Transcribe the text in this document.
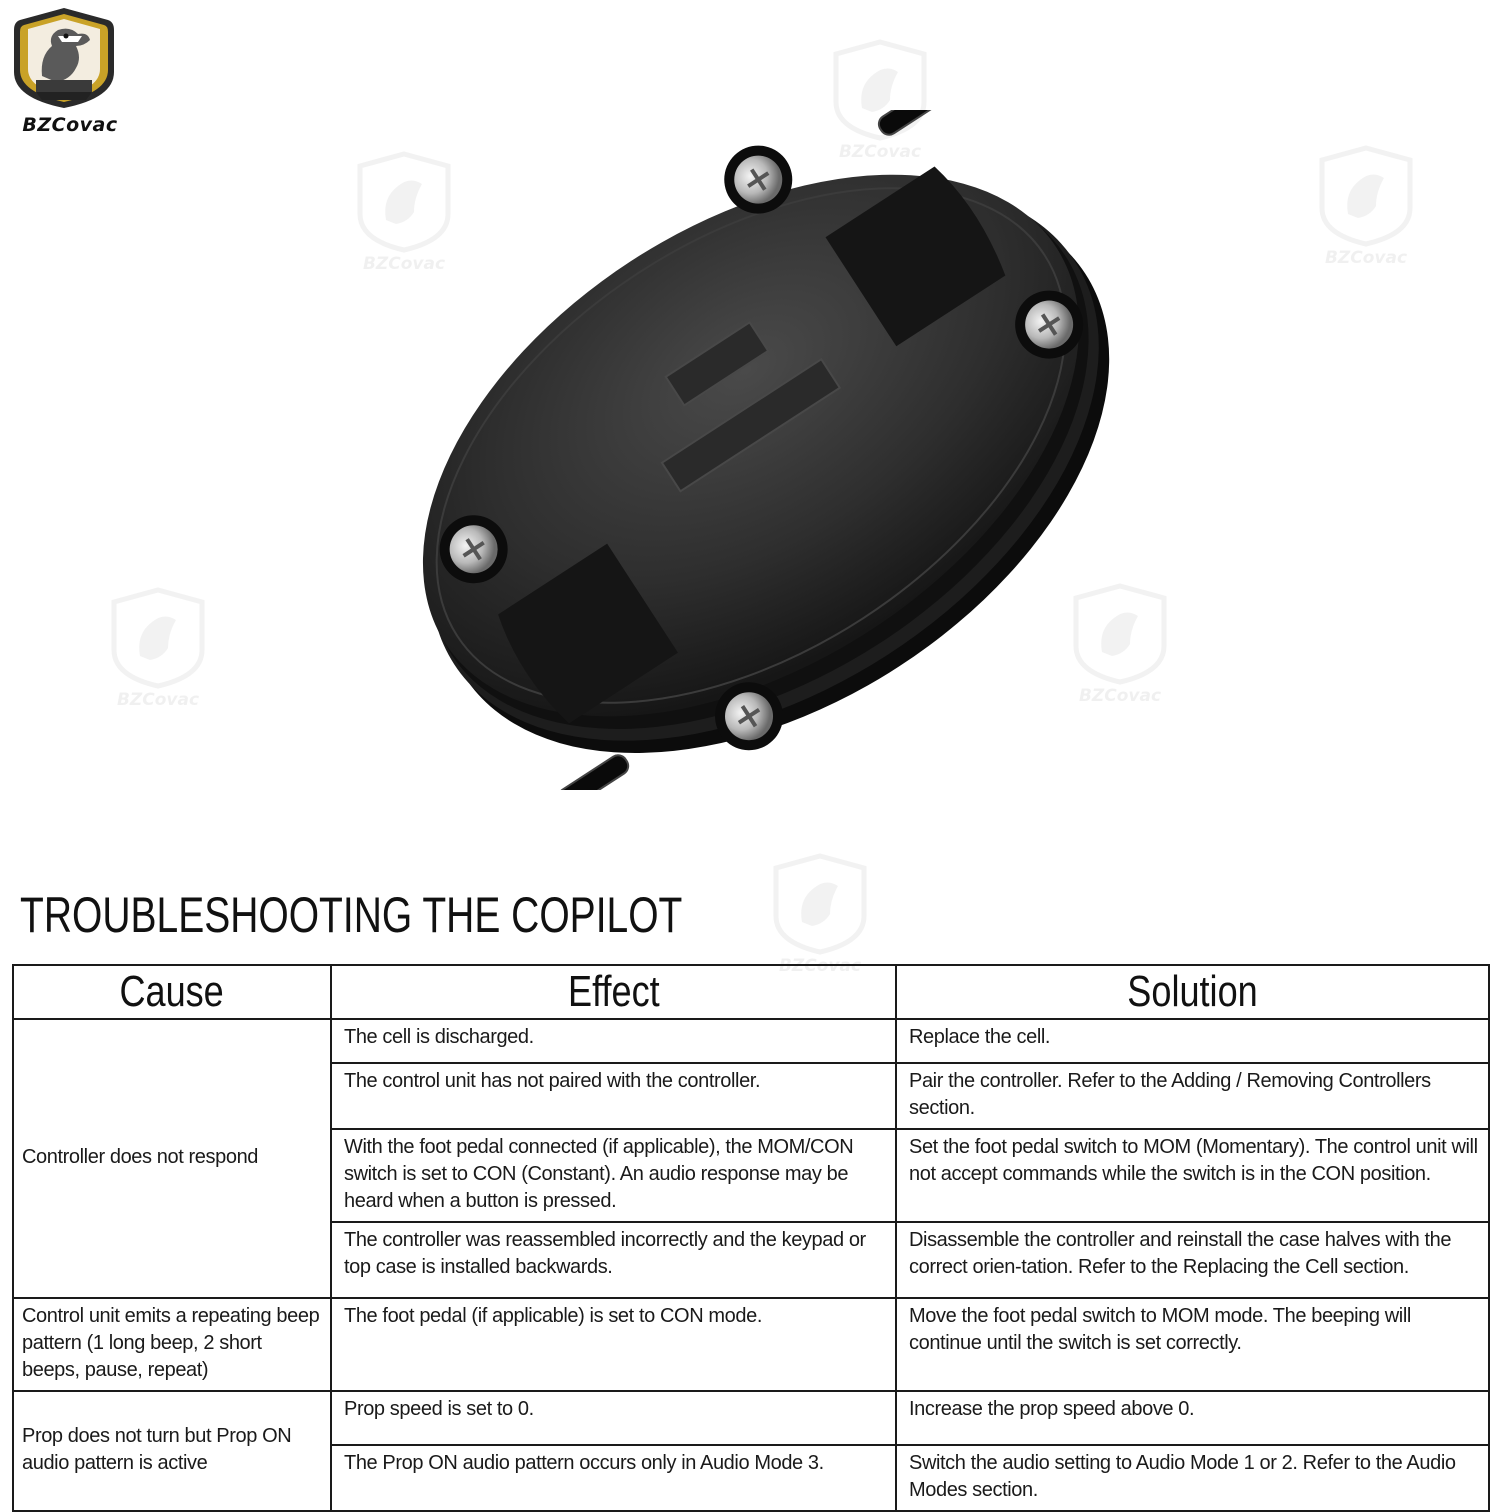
BZCovac
BZCovac
BZCovac	BZCovac
BZCovac	BZCovac
BZCovac
TROUBLESHOOTING THE COPILOT
Cause	Effect	Solution
Controller does not respond	The cell is discharged.	Replace the cell.
	The control unit has not paired with the controller.	Pair the controller. Refer to the Adding / Removing Controllers section.
	With the foot pedal connected (if applicable), the MOM/CON switch is set to CON (Constant). An audio response may be heard when a button is pressed.	Set the foot pedal switch to MOM (Momentary). The control unit will not accept commands while the switch is in the CON position.
	The controller was reassembled incorrectly and the keypad or top case is installed backwards.	Disassemble the controller and reinstall the case halves with the correct orien-tation. Refer to the Replacing the Cell section.
Control unit emits a repeating beep pattern (1 long beep, 2 short beeps, pause, repeat)	The foot pedal (if applicable) is set to CON mode.	Move the foot pedal switch to MOM mode. The beeping will continue until the switch is set correctly.
Prop does not turn but Prop ON audio pattern is active	Prop speed is set to 0.	Increase the prop speed above 0.
	The Prop ON audio pattern occurs only in Audio Mode 3.	Switch the audio setting to Audio Mode 1 or 2. Refer to the Audio Modes section.
